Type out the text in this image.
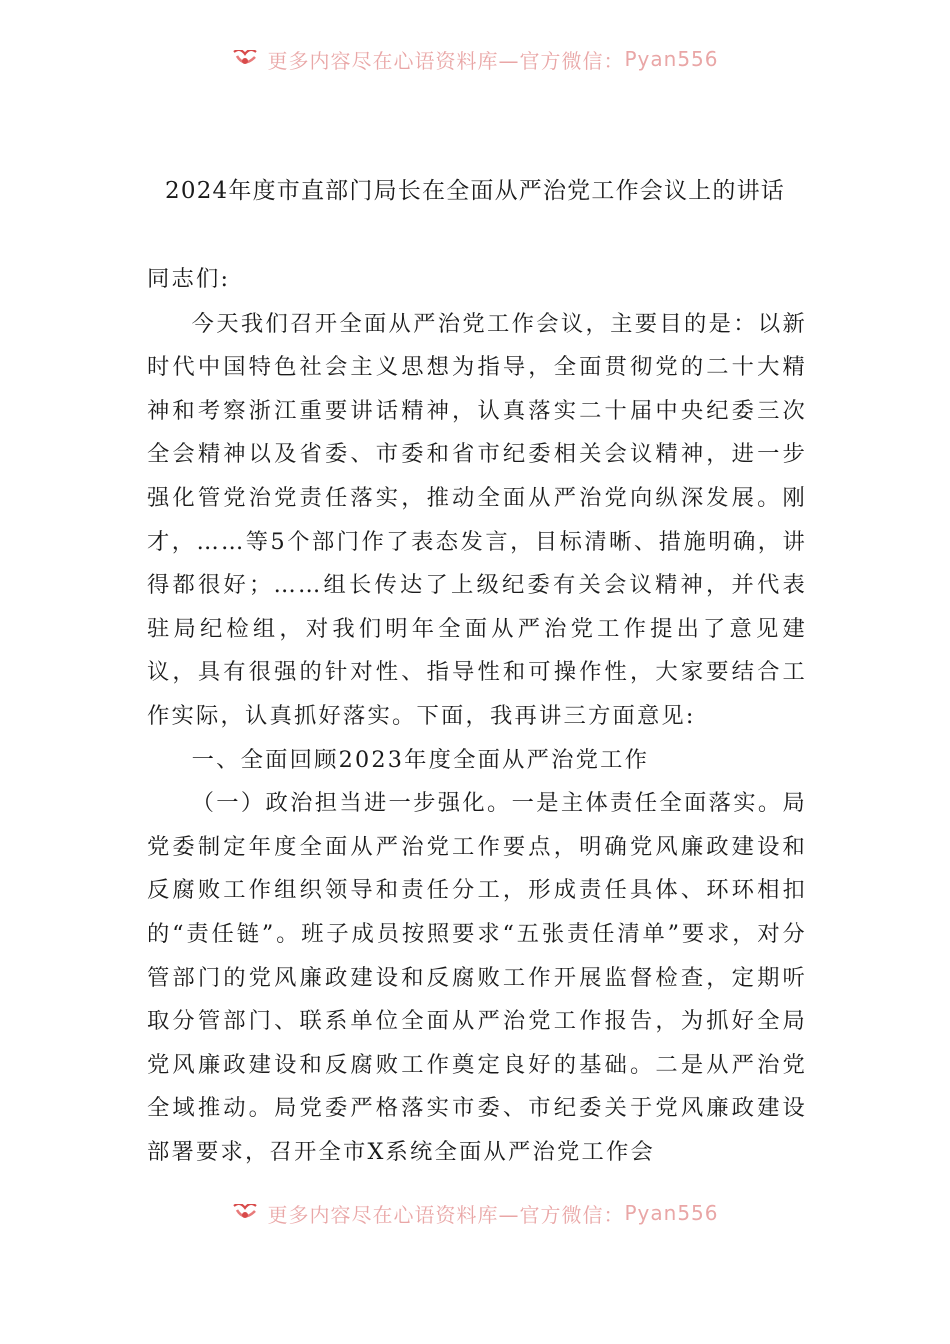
更多内容尽在心语资料库—官方微信： Pyan556
2024年度市直部门局长在全面从严治党工作会议上的讲话

同志们:

今天我们召开全面从严治党工作会议，主要目的是：以新时代中国特色社会主义思想为指导，全面贯彻党的二十大精神和考察浙江重要讲话精神，认真落实二十届中央纪委三次全会精神以及省委、市委和省市纪委相关会议精神，进一步强化管党治党责任落实，推动全面从严治党向纵深发展。刚才，……等5个部门作了表态发言，目标清晰、措施明确，讲得都很好；……组长传达了上级纪委有关会议精神，并代表驻局纪检组，对我们明年全面从严治党工作提出了意见建议，具有很强的针对性、指导性和可操作性，大家要结合工作实际，认真抓好落实。下面，我再讲三方面意见:

一、全面回顾2023年度全面从严治党工作

（一）政治担当进一步强化。一是主体责任全面落实。局党委制定年度全面从严治党工作要点，明确党风廉政建设和反腐败工作组织领导和责任分工，形成责任具体、环环相扣的“责任链”。班子成员按照要求“五张责任清单”要求，对分管部门的党风廉政建设和反腐败工作开展监督检查，定期听取分管部门、联系单位全面从严治党工作报告，为抓好全局党风廉政建设和反腐败工作奠定良好的基础。二是从严治党全域推动。局党委严格落实市委、市纪委关于党风廉政建设部署要求，召开全市X系统全面从严治党工作会

更多内容尽在心语资料库—官方微信： Pyan556
